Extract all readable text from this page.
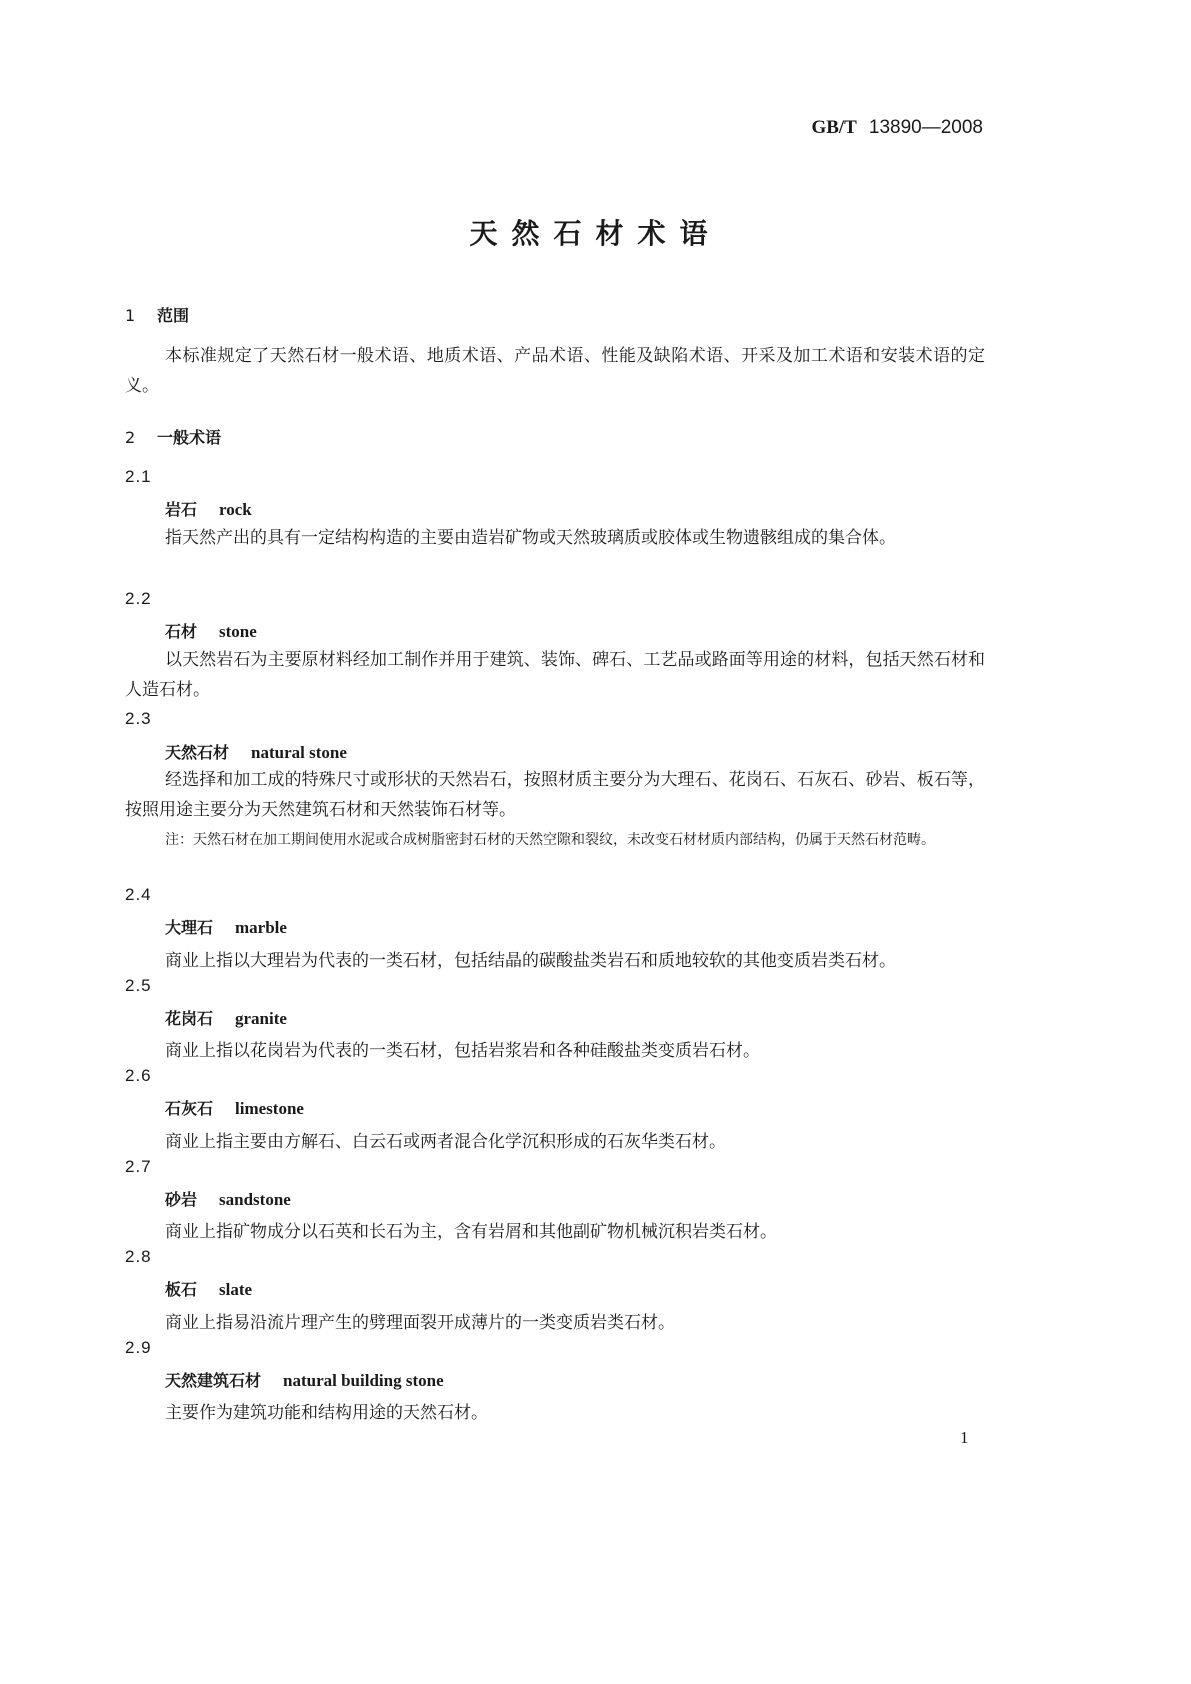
GB/T 13890—2008
天然石材术语
1 范围
本标准规定了天然石材一般术语、地质术语、产品术语、性能及缺陷术语、开采及加工术语和安装术语的定义。
2 一般术语
2.1
岩石 rock
指天然产出的具有一定结构构造的主要由造岩矿物或天然玻璃质或胶体或生物遗骸组成的集合体。
2.2
石材 stone
以天然岩石为主要原材料经加工制作并用于建筑、装饰、碑石、工艺品或路面等用途的材料，包括天然石材和人造石材。
2.3
天然石材 natural stone
经选择和加工成的特殊尺寸或形状的天然岩石，按照材质主要分为大理石、花岗石、石灰石、砂岩、板石等，按照用途主要分为天然建筑石材和天然装饰石材等。
注：天然石材在加工期间使用水泥或合成树脂密封石材的天然空隙和裂纹，未改变石材材质内部结构，仍属于天然石材范畴。
2.4
大理石 marble
商业上指以大理岩为代表的一类石材，包括结晶的碳酸盐类岩石和质地较软的其他变质岩类石材。
2.5
花岗石 granite
商业上指以花岗岩为代表的一类石材，包括岩浆岩和各种硅酸盐类变质岩石材。
2.6
石灰石 limestone
商业上指主要由方解石、白云石或两者混合化学沉积形成的石灰华类石材。
2.7
砂岩 sandstone
商业上指矿物成分以石英和长石为主，含有岩屑和其他副矿物机械沉积岩类石材。
2.8
板石 slate
商业上指易沿流片理产生的劈理面裂开成薄片的一类变质岩类石材。
2.9
天然建筑石材 natural building stone
主要作为建筑功能和结构用途的天然石材。
1
